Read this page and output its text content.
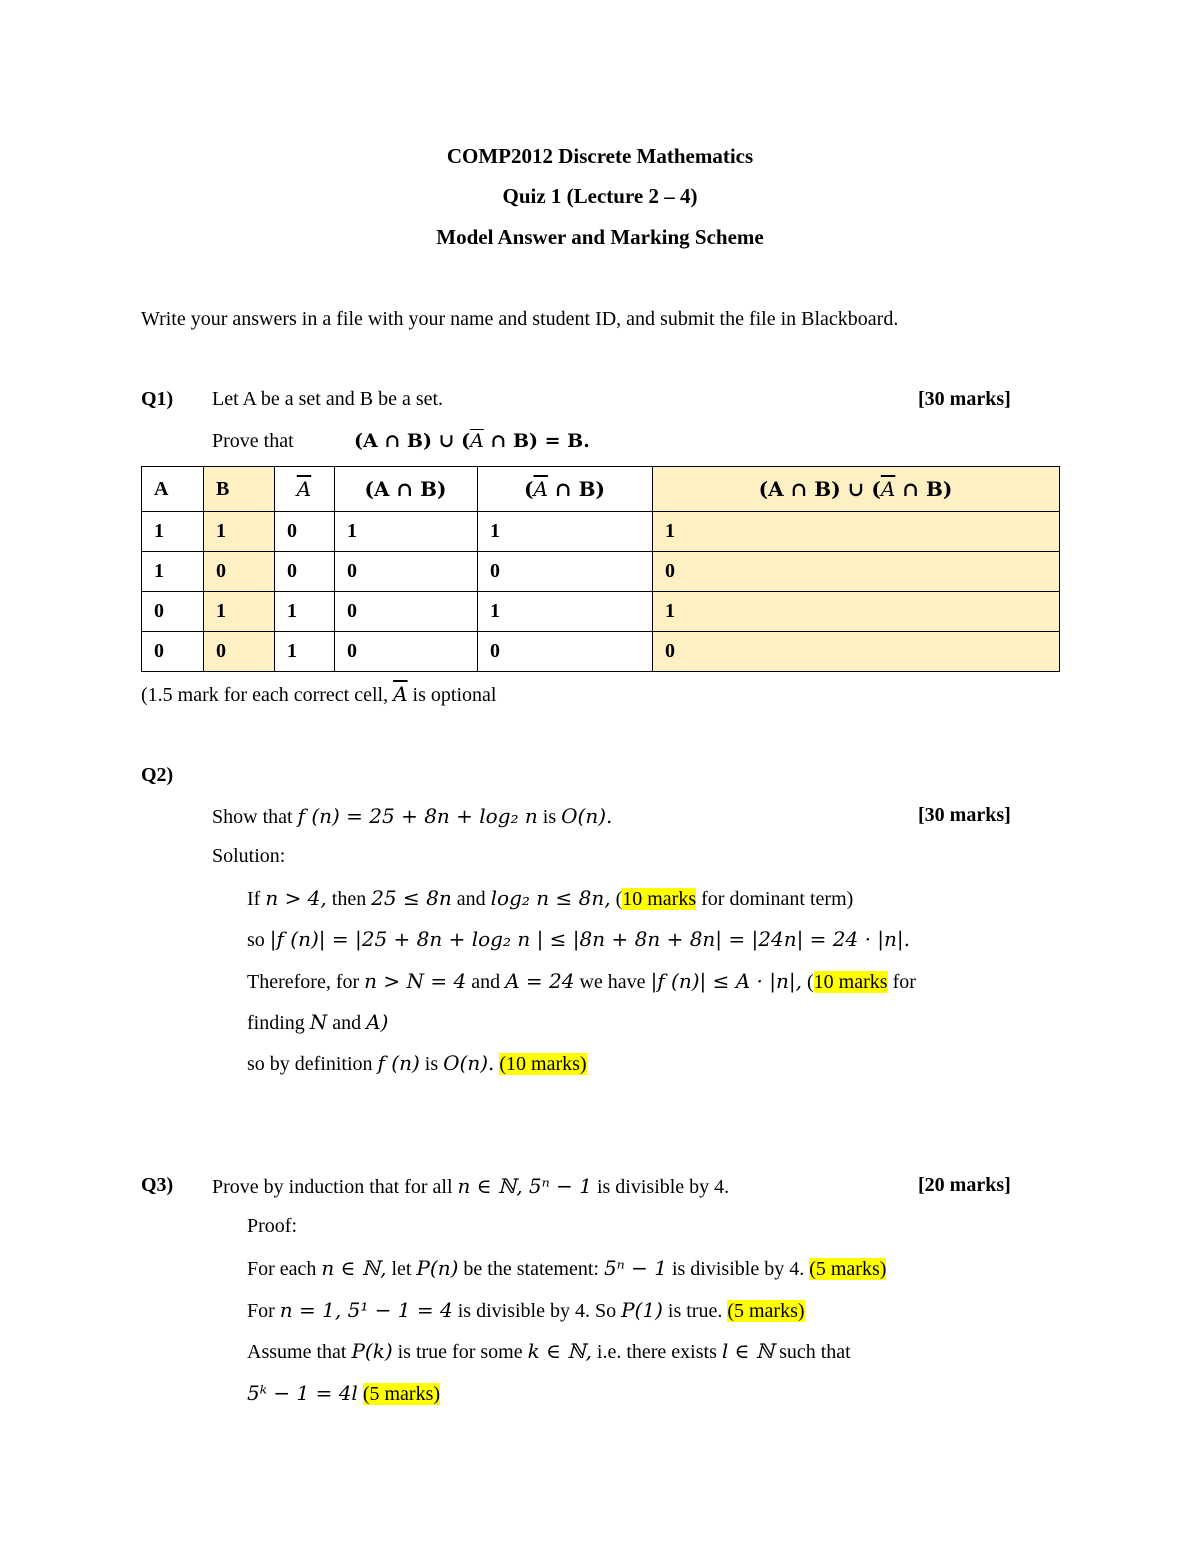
COMP2012 Discrete Mathematics
Quiz 1 (Lecture 2 – 4)
Model Answer and Marking Scheme
Write your answers in a file with your name and student ID, and submit the file in Blackboard.
Q1) Let A be a set and B be a set.	[30 marks]
Prove that	(A ∩ B) ∪ ($\overline{A}$ ∩ B) = B.
A	B	$\overline{A}$	(A ∩ B)	($\overline{A}$ ∩ B)	(A ∩ B) ∪ ($\overline{A}$ ∩ B)
1	1	0	1	1	1
1	0	0	0	0	0
0	1	1	0	1	1
0	0	1	0	0	0
(1.5 mark for each correct cell, $\overline{A}$ is optional
Q2)
Show that f (n) = 25 + 8n + log₂ n is O(n).	[30 marks]
Solution:
If n > 4, then 25 ≤ 8n and log₂ n ≤ 8n, (10 marks for dominant term)
so |f (n)| = |25 + 8n + log₂ n | ≤ |8n + 8n + 8n| = |24n| = 24 · |n|.
Therefore, for n > N = 4 and A = 24 we have |f (n)| ≤ A · |n|, (10 marks for
finding N and A)
so by definition f (n) is O(n). (10 marks)
Q3) Prove by induction that for all n ∈ ℕ, 5ⁿ − 1 is divisible by 4.	[20 marks]
Proof:
For each n ∈ ℕ, let P(n) be the statement: 5ⁿ − 1 is divisible by 4. (5 marks)
For n = 1, 5¹ − 1 = 4 is divisible by 4. So P(1) is true. (5 marks)
Assume that P(k) is true for some k ∈ ℕ, i.e. there exists l ∈ ℕ such that
5ᵏ − 1 = 4l (5 marks)
